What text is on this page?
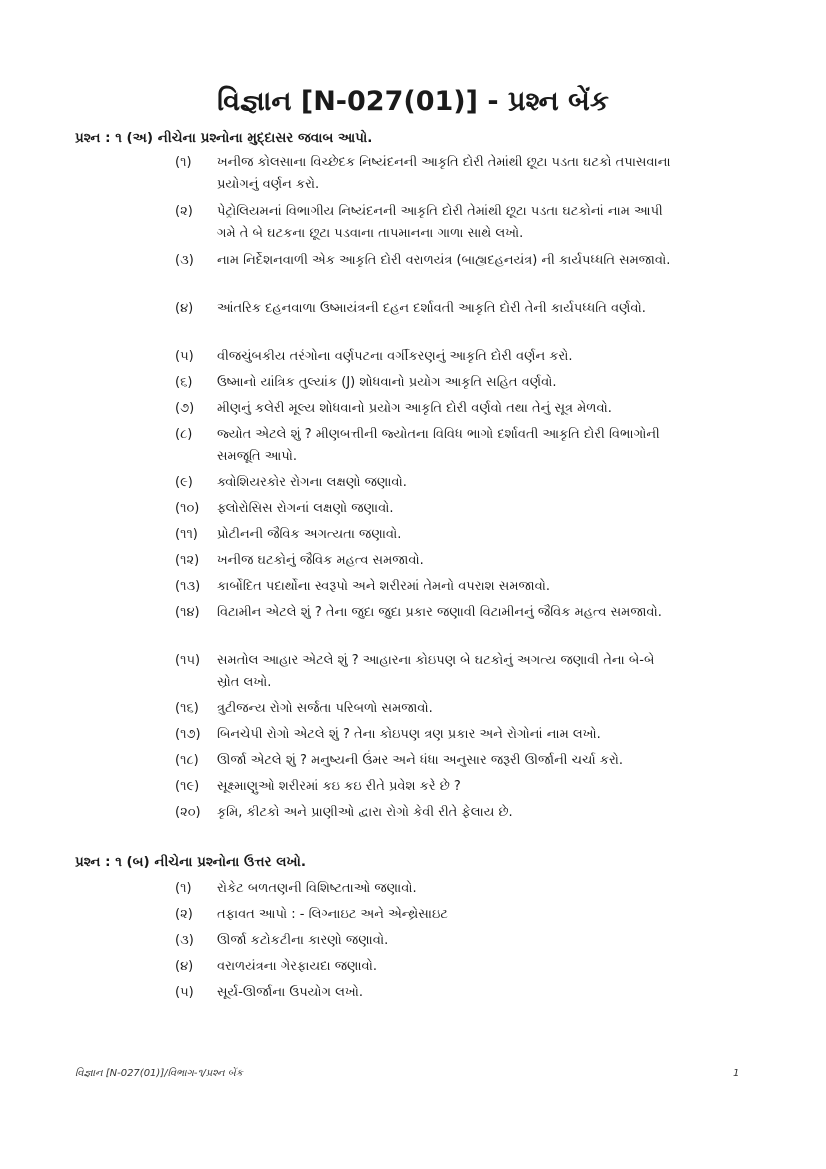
વિજ્ઞાન [N-027(01)] - પ્રશ્ન બેંક
પ્રશ્ન : ૧ (અ) નીચેના પ્રશ્નોના મુદ્દાસર જવાબ આપો.
(૧)	ખનીજ કોલસાના વિચ્છેદક નિષ્યંદનની આકૃતિ દોરી તેમાંથી છૂટા પડતા ઘટકો તપાસવાના પ્રયોગનું વર્ણન કરો.
(૨)	પેટ્રોલિયમનાં વિભાગીય નિષ્યંદનની આકૃતિ દોરી તેમાંથી છૂટા પડતા ઘટકોનાં નામ આપી ગમે તે બે ઘટકના છૂટા પડવાના તાપમાનના ગાળા સાથે લખો.
(૩)	નામ નિર્દેશનવાળી એક આકૃતિ દોરી વરાળયંત્ર (બાહ્યદહનયંત્ર) ની કાર્યપધ્ધતિ સમજાવો.
(૪)	આંતરિક દહનવાળા ઉષ્માયંત્રની દહન દર્શાવતી આકૃતિ દોરી તેની કાર્યપધ્ધતિ વર્ણવો.
(૫)	વીજચુંબકીય તરંગોના વર્ણપટના વર્ગીકરણનું આકૃતિ દોરી વર્ણન કરો.
(૬)	ઉષ્માનો યાંત્રિક તુલ્યાંક (J) શોધવાનો પ્રયોગ આકૃતિ સહિત વર્ણવો.
(૭)	મીણનું કલેરી મૂલ્ય શોધવાનો પ્રયોગ આકૃતિ દોરી વર્ણવો તથા તેનું સૂત્ર મેળવો.
(૮)	જ્યોત એટલે શું ? મીણબત્તીની જ્યોતના વિવિધ ભાગો દર્શાવતી આકૃતિ દોરી વિભાગોની સમજૂતિ આપો.
(૯)	ક્વોશિયરકોર રોગના લક્ષણો જણાવો.
(૧૦)	ફ્લોરોસિસ રોગનાં લક્ષણો જણાવો.
(૧૧)	પ્રોટીનની જૈવિક અગત્યતા જણાવો.
(૧૨)	ખનીજ ઘટકોનું જૈવિક મહત્વ સમજાવો.
(૧૩)	કાર્બોદિત પદાર્થોના સ્વરૂપો અને શરીરમાં તેમનો વપરાશ સમજાવો.
(૧૪)	વિટામીન એટલે શું ? તેના જુદા જુદા પ્રકાર જણાવી વિટામીનનું જૈવિક મહત્વ સમજાવો.
(૧૫)	સમતોલ આહાર એટલે શું ? આહારના કોઇપણ બે ઘટકોનું અગત્ય જણાવી તેના બે-બે સ્રોત લખો.
(૧૬)	ત્રુટીજન્ય રોગો સર્જતા પરિબળો સમજાવો.
(૧૭)	બિનચેપી રોગો એટલે શું ? તેના કોઇપણ ત્રણ પ્રકાર અને રોગોનાં નામ લખો.
(૧૮)	ઊર્જા એટલે શું ? મનુષ્યની ઉંમર અને ધંધા અનુસાર જરૂરી ઊર્જાની ચર્ચા કરો.
(૧૯)	સૂક્ષ્માણુઓ શરીરમાં કઇ કઇ રીતે પ્રવેશ કરે છે ?
(૨૦)	કૃમિ, કીટકો અને પ્રાણીઓ દ્વારા રોગો કેવી રીતે ફેલાય છે.
પ્રશ્ન : ૧ (બ) નીચેના પ્રશ્નોના ઉત્તર લખો.
(૧)	રોકેટ બળતણની વિશિષ્ટતાઓ જણાવો.
(૨)	તફાવત આપો : - લિગ્નાઇટ અને એન્થ્રેસાઇટ
(૩)	ઊર્જા કટોકટીના કારણો જણાવો.
(૪)	વરાળયંત્રના ગેરફાયદા જણાવો.
(૫)	સૂર્ય-ઊર્જાના ઉપયોગ લખો.
વિજ્ઞાન [N-027(01)]/વિભાગ-૧/પ્રશ્ન બેંક	1
